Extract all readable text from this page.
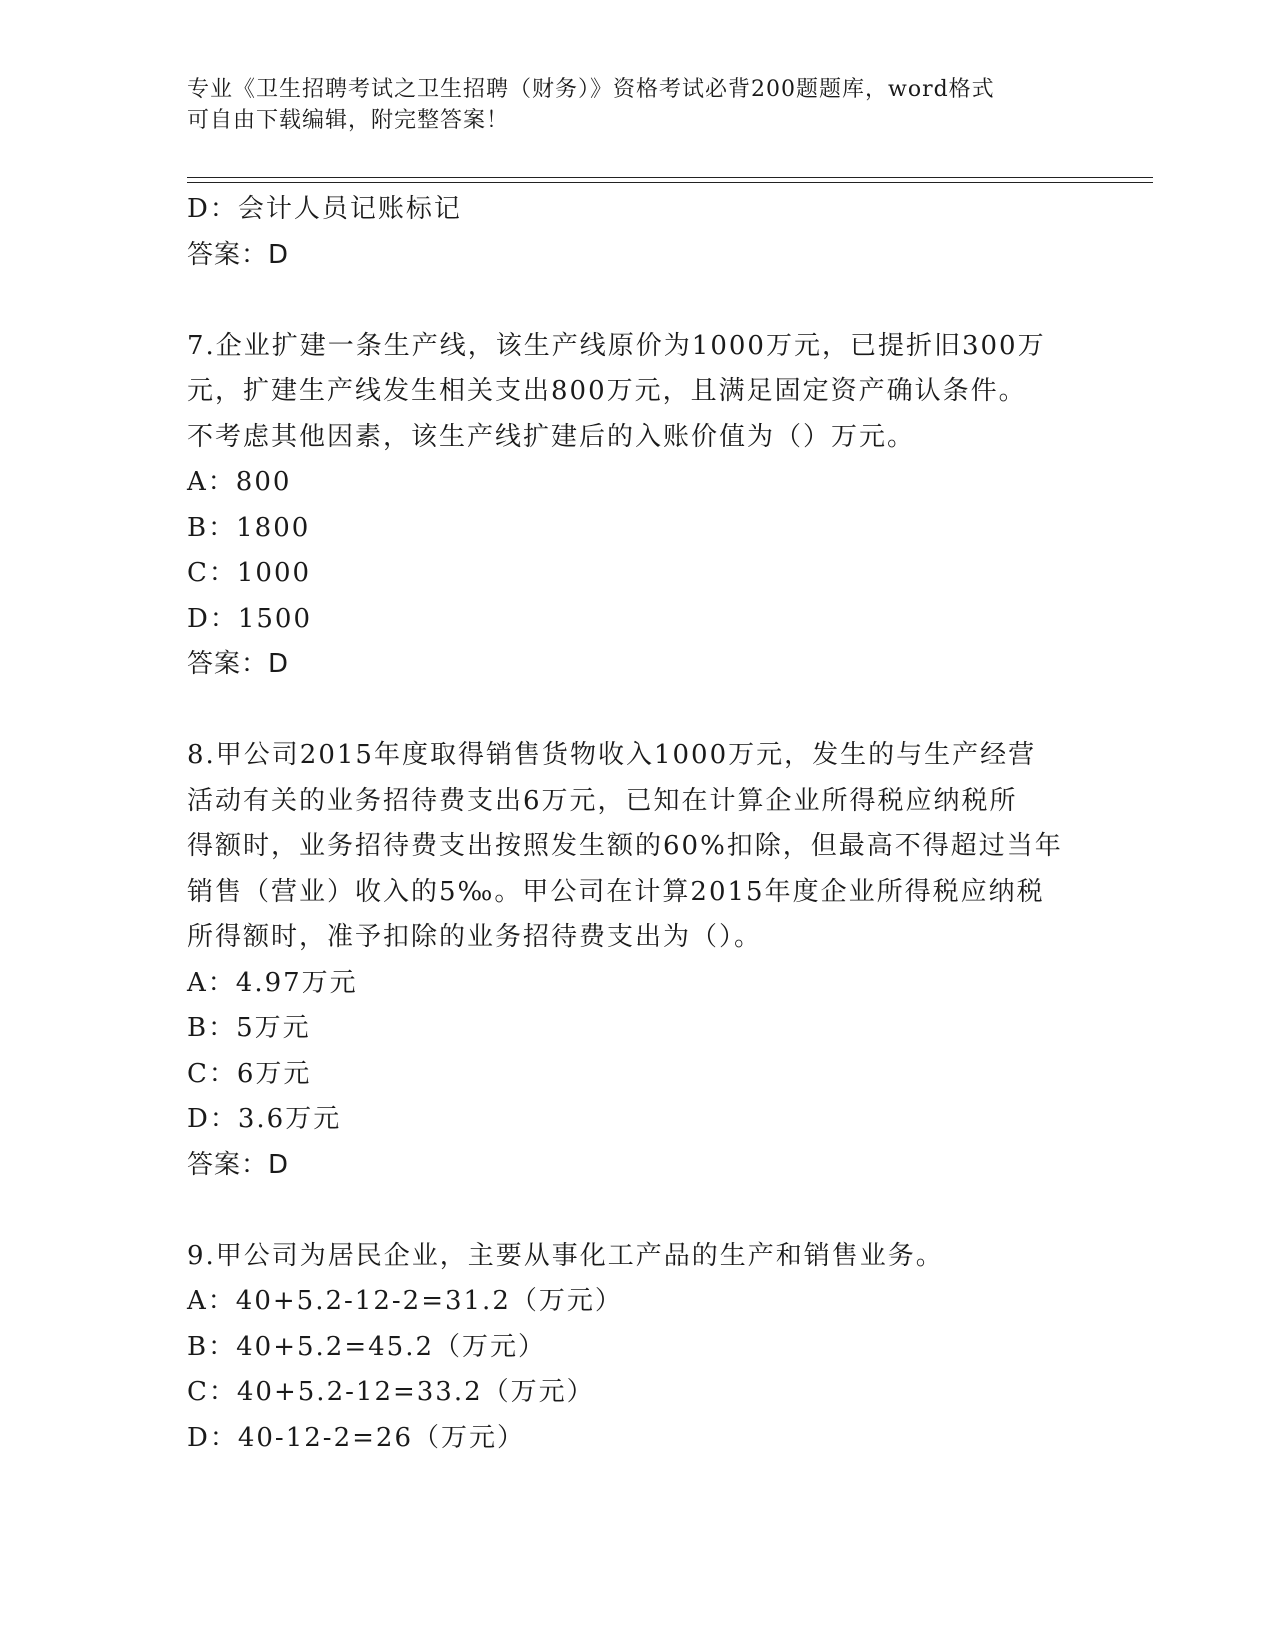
专业《卫生招聘考试之卫生招聘（财务）》资格考试必背200题题库，word格式
可自由下载编辑，附完整答案！
D：会计人员记账标记
答案：D
7.企业扩建一条生产线，该生产线原价为1000万元，已提折旧300万
元，扩建生产线发生相关支出800万元，且满足固定资产确认条件。
不考虑其他因素，该生产线扩建后的入账价值为（）万元。
A：800
B：1800
C：1000
D：1500
答案：D
8.甲公司2015年度取得销售货物收入1000万元，发生的与生产经营
活动有关的业务招待费支出6万元，已知在计算企业所得税应纳税所
得额时，业务招待费支出按照发生额的60%扣除，但最高不得超过当年
销售（营业）收入的5‰。甲公司在计算2015年度企业所得税应纳税
所得额时，准予扣除的业务招待费支出为（）。
A：4.97万元
B：5万元
C：6万元
D：3.6万元
答案：D
9.甲公司为居民企业，主要从事化工产品的生产和销售业务。
A：40+5.2-12-2=31.2（万元）
B：40+5.2=45.2（万元）
C：40+5.2-12=33.2（万元）
D：40-12-2=26（万元）
